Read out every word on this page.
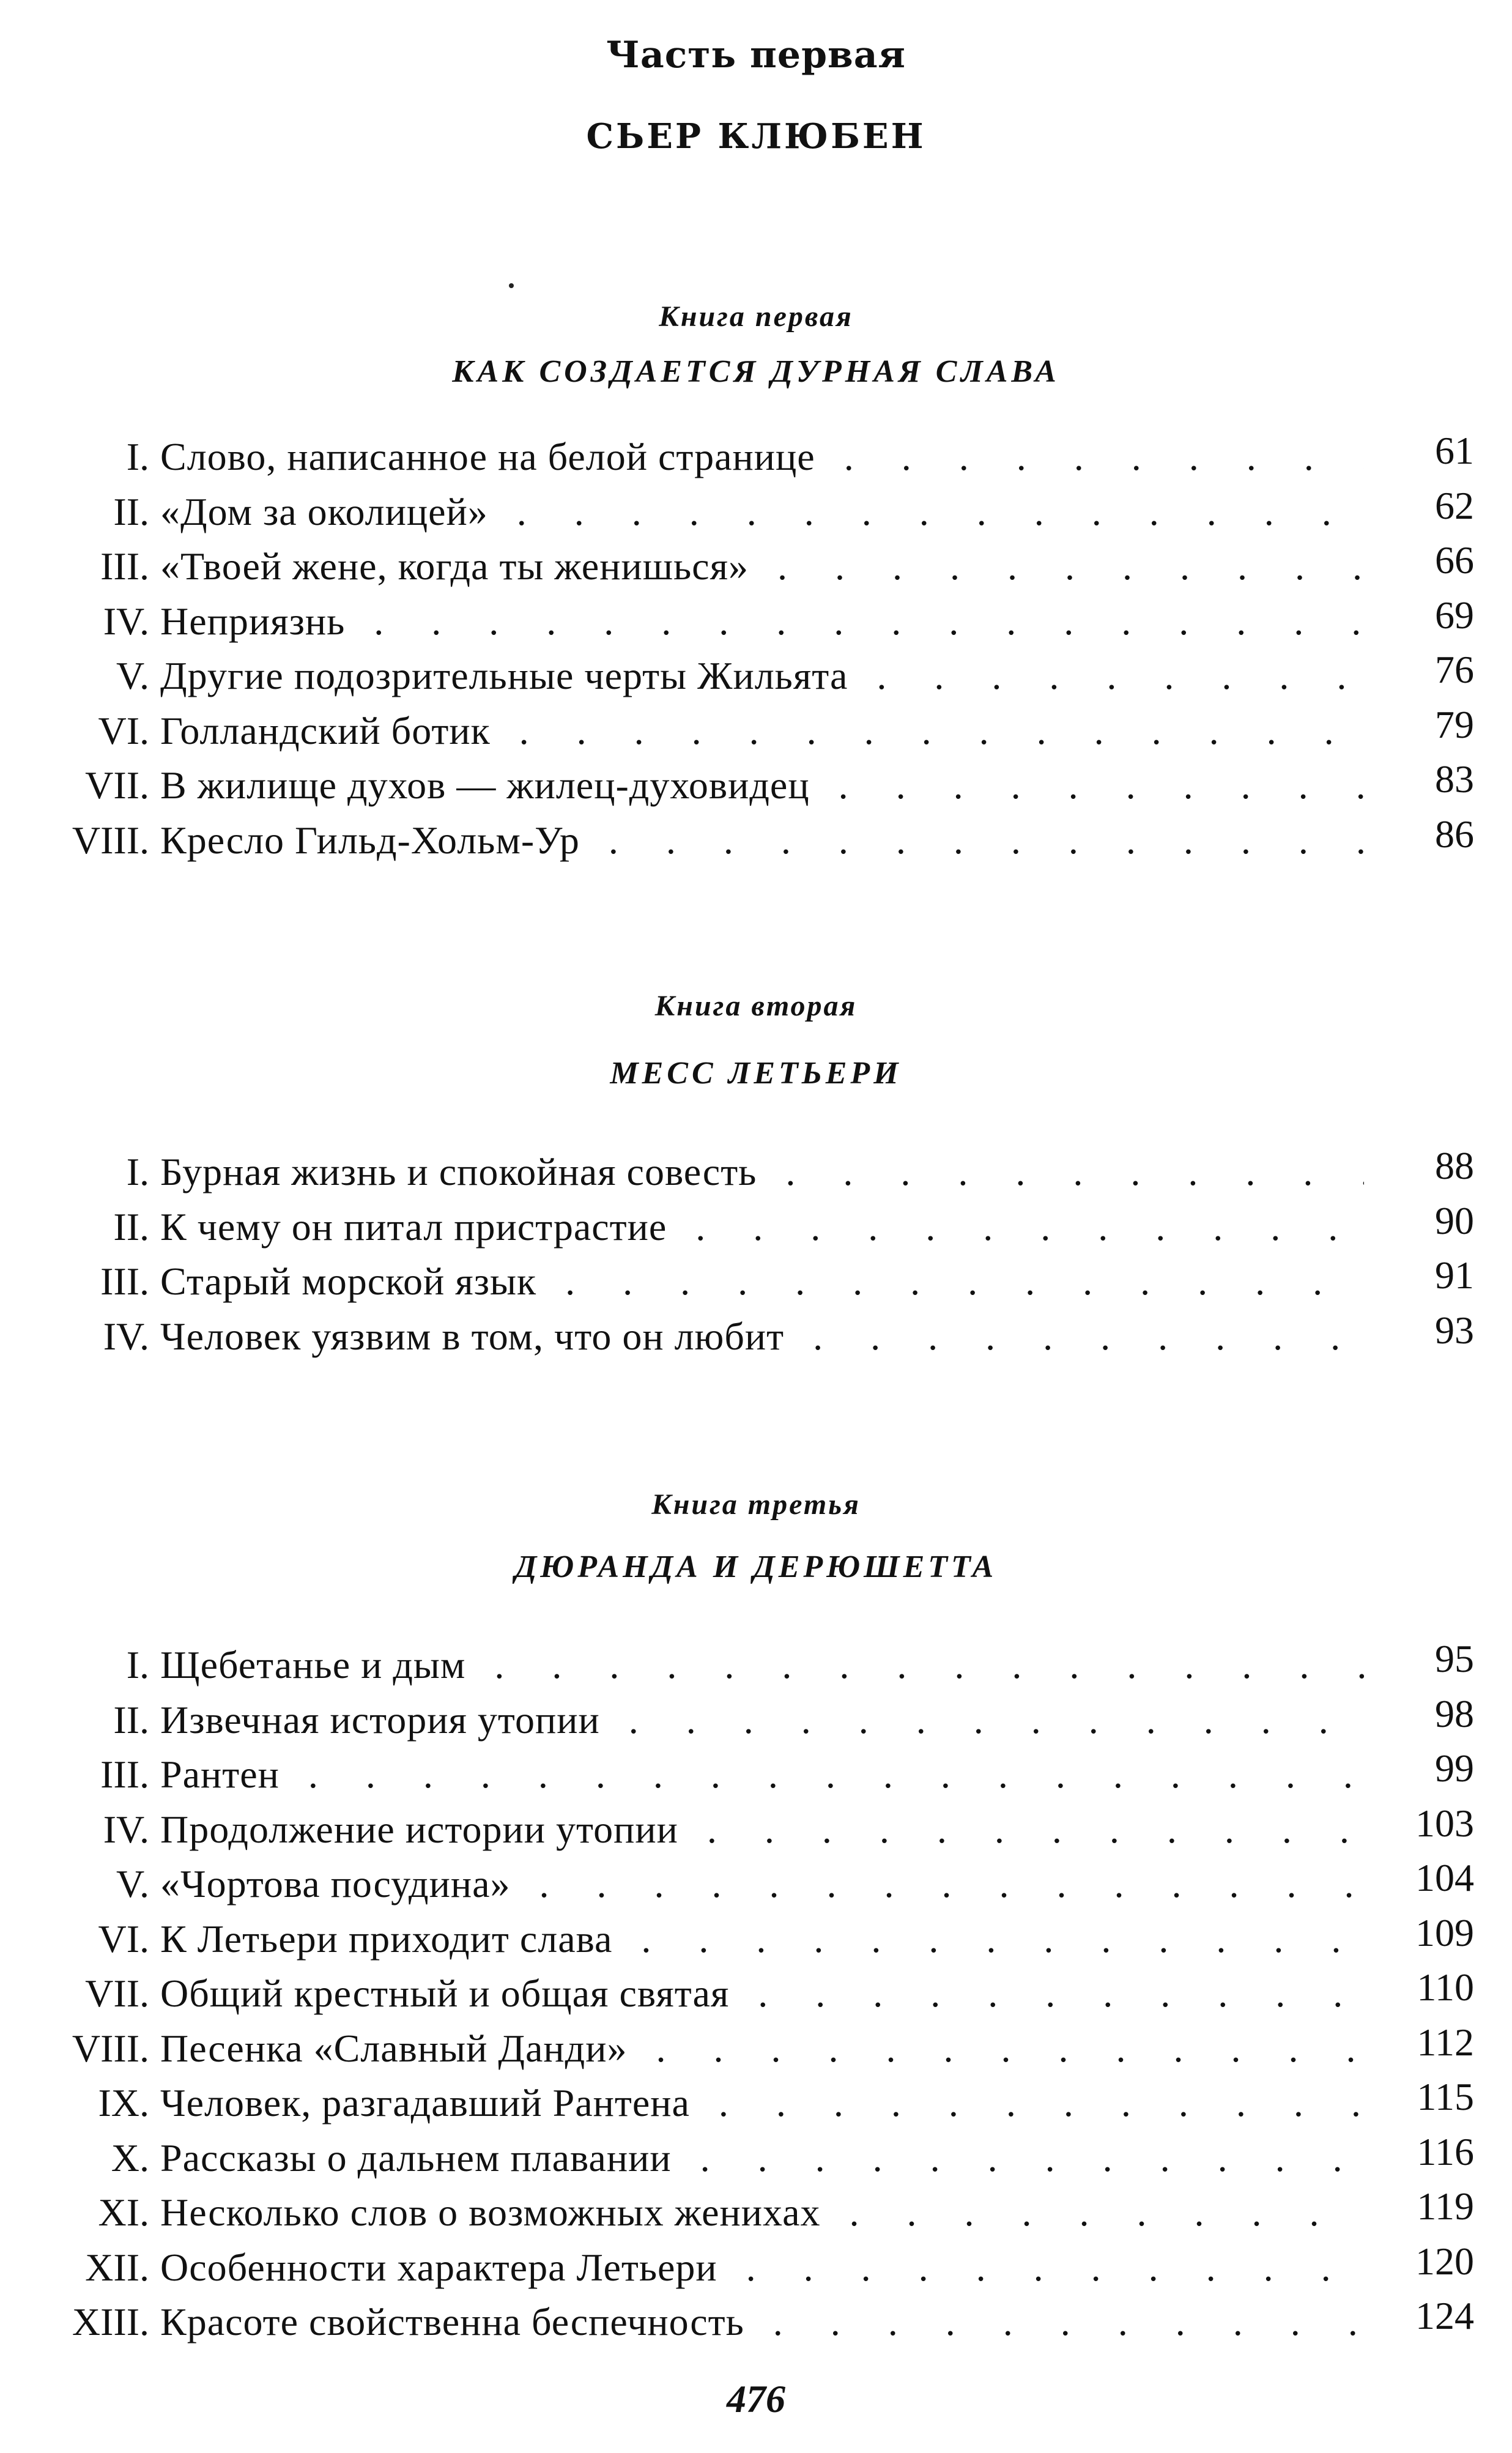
Часть первая
СЬЕР КЛЮБЕН
Книга первая
КАК СОЗДАЕТСЯ ДУРНАЯ СЛАВА
I. Слово, написанное на белой странице . . .	61
II. «Дом за околицей» . . .	62
III. «Твоей жене, когда ты женишься» . . .	66
IV. Неприязнь . . .	69
V. Другие подозрительные черты Жильята . . .	76
VI. Голландский ботик . . .	79
VII. В жилище духов — жилец-духовидец . . .	83
VIII. Кресло Гильд-Хольм-Ур . . .	86
Книга вторая
МЕСС ЛЕТЬЕРИ
I. Бурная жизнь и спокойная совесть . . .	88
II. К чему он питал пристрастие . . .	90
III. Старый морской язык . . .	91
IV. Человек уязвим в том, что он любит . . .	93
Книга третья
ДЮРАНДА И ДЕРЮШЕТТА
I. Щебетанье и дым . . .	95
II. Извечная история утопии . . .	98
III. Рантен . . .	99
IV. Продолжение истории утопии . . .	103
V. «Чортова посудина» . . .	104
VI. К Летьери приходит слава . . .	109
VII. Общий крестный и общая святая . . .	110
VIII. Песенка «Славный Данди» . . .	112
IX. Человек, разгадавший Рантена . . .	115
X. Рассказы о дальнем плавании . . .	116
XI. Несколько слов о возможных женихах . . .	119
XII. Особенности характера Летьери . . .	120
XIII. Красоте свойственна беспечность . . .	124
476
